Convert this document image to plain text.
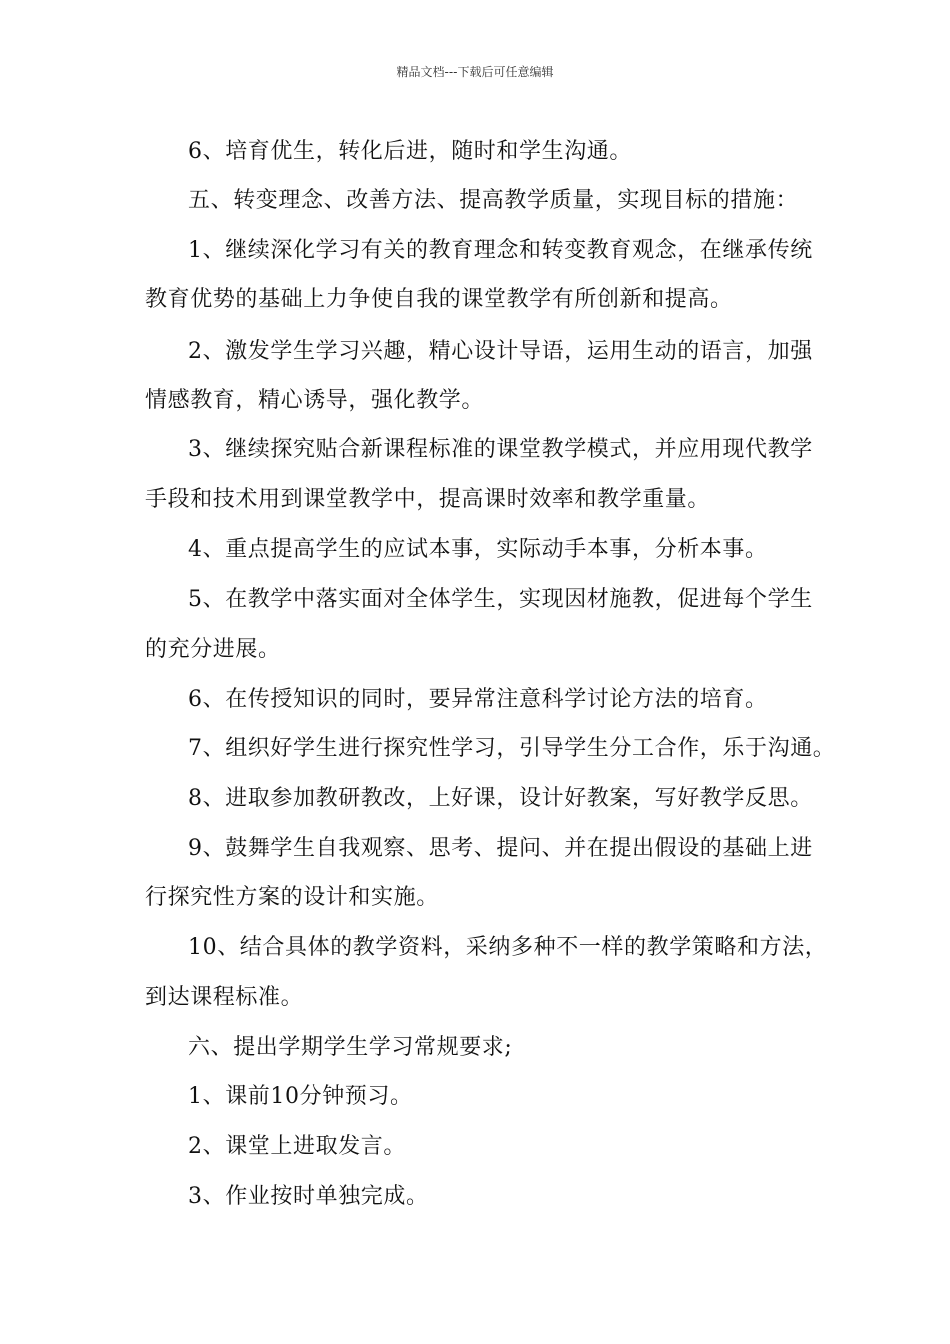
精品文档---下载后可任意编辑
6、培育优生，转化后进，随时和学生沟通。
五、转变理念、改善方法、提高教学质量，实现目标的措施：
1、继续深化学习有关的教育理念和转变教育观念，在继承传统
教育优势的基础上力争使自我的课堂教学有所创新和提高。
2、激发学生学习兴趣，精心设计导语，运用生动的语言，加强
情感教育，精心诱导，强化教学。
3、继续探究贴合新课程标准的课堂教学模式，并应用现代教学
手段和技术用到课堂教学中，提高课时效率和教学重量。
4、重点提高学生的应试本事，实际动手本事，分析本事。
5、在教学中落实面对全体学生，实现因材施教，促进每个学生
的充分进展。
6、在传授知识的同时，要异常注意科学讨论方法的培育。
7、组织好学生进行探究性学习，引导学生分工合作，乐于沟通。
8、进取参加教研教改，上好课，设计好教案，写好教学反思。
9、鼓舞学生自我观察、思考、提问、并在提出假设的基础上进
行探究性方案的设计和实施。
10、结合具体的教学资料，采纳多种不一样的教学策略和方法，
到达课程标准。
六、提出学期学生学习常规要求;
1、课前10分钟预习。
2、课堂上进取发言。
3、作业按时单独完成。
